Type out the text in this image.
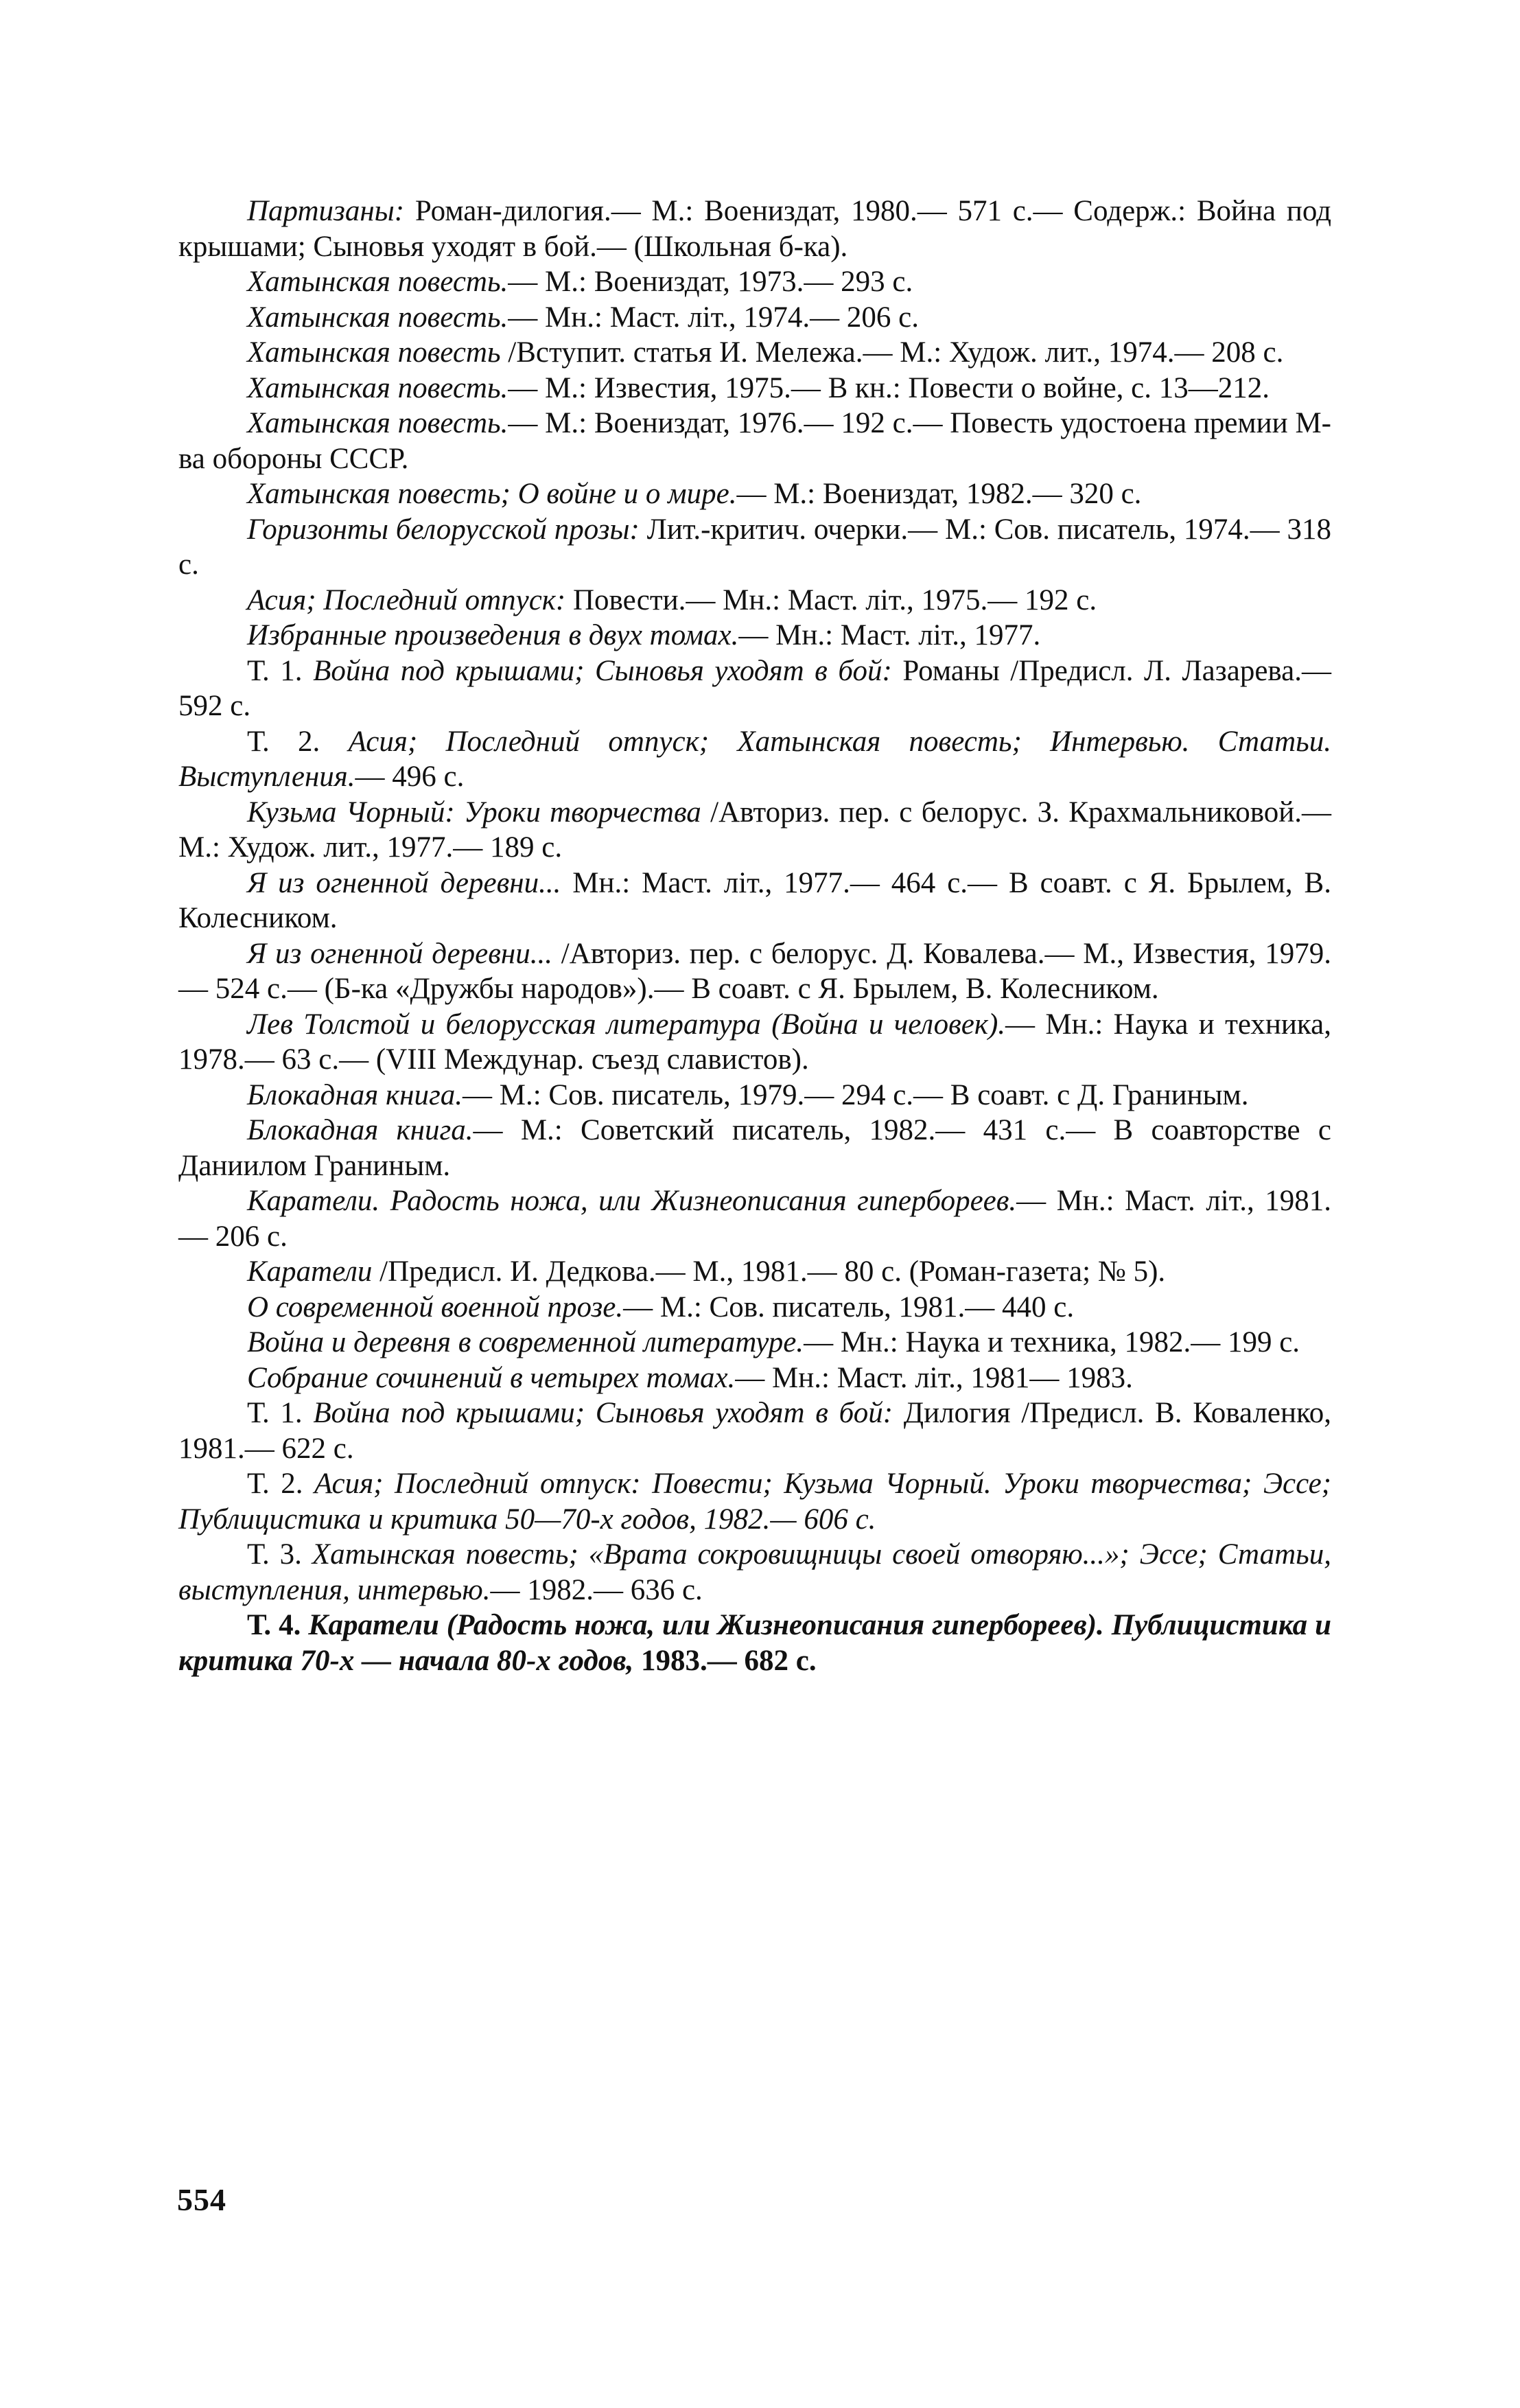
Партизаны: Роман-дилогия.— М.: Воениздат, 1980.— 571 с.— Содерж.: Война под крышами; Сыновья уходят в бой.— (Школьная б-ка).

Хатынская повесть.— М.: Воениздат, 1973.— 293 с.

Хатынская повесть.— Мн.: Маст. літ., 1974.— 206 с.

Хатынская повесть /Вступит. статья И. Мележа.— М.: Худож. лит., 1974.— 208 с.

Хатынская повесть.— М.: Известия, 1975.— В кн.: Повести о войне, с. 13—212.

Хатынская повесть.— М.: Воениздат, 1976.— 192 с.— Повесть удостоена премии М-ва обороны СССР.

Хатынская повесть; О войне и о мире.— М.: Воениздат, 1982.— 320 с.

Горизонты белорусской прозы: Лит.-критич. очерки.— М.: Сов. писатель, 1974.— 318 с.

Асия; Последний отпуск: Повести.— Мн.: Маст. літ., 1975.— 192 с.

Избранные произведения в двух томах.— Мн.: Маст. літ., 1977.

Т. 1. Война под крышами; Сыновья уходят в бой: Романы /Предисл. Л. Лазарева.— 592 с.

Т. 2. Асия; Последний отпуск; Хатынская повесть; Интервью. Статьи. Выступления.— 496 с.

Кузьма Чорный: Уроки творчества /Авториз. пер. с белорус. З. Крахмальниковой.— М.: Худож. лит., 1977.— 189 с.

Я из огненной деревни... Мн.: Маст. літ., 1977.— 464 с.— В соавт. с Я. Брылем, В. Колесником.

Я из огненной деревни... /Авториз. пер. с белорус. Д. Ковалева.— М., Известия, 1979.— 524 с.— (Б-ка «Дружбы народов»).— В соавт. с Я. Брылем, В. Колесником.

Лев Толстой и белорусская литература (Война и человек).— Мн.: Наука и техника, 1978.— 63 с.— (VIII Междунар. съезд славистов).

Блокадная книга.— М.: Сов. писатель, 1979.— 294 с.— В соавт. с Д. Граниным.

Блокадная книга.— М.: Советский писатель, 1982.— 431 с.— В соавторстве с Даниилом Граниным.

Каратели. Радость ножа, или Жизнеописания гипербореев.— Мн.: Маст. літ., 1981.— 206 с.

Каратели /Предисл. И. Дедкова.— М., 1981.— 80 с. (Роман-газета; № 5).

О современной военной прозе.— М.: Сов. писатель, 1981.— 440 с.

Война и деревня в современной литературе.— Мн.: Наука и техника, 1982.— 199 с.

Собрание сочинений в четырех томах.— Мн.: Маст. літ., 1981— 1983.

Т. 1. Война под крышами; Сыновья уходят в бой: Дилогия /Предисл. В. Коваленко, 1981.— 622 с.

Т. 2. Асия; Последний отпуск: Повести; Кузьма Чорный. Уроки творчества; Эссе; Публицистика и критика 50—70-х годов, 1982.— 606 с.

Т. 3. Хатынская повесть; «Врата сокровищницы своей отворяю...»; Эссе; Статьи, выступления, интервью.— 1982.— 636 с.

Т. 4. Каратели (Радость ножа, или Жизнеописания гипербореев). Публицистика и критика 70-х — начала 80-х годов, 1983.— 682 с.

554
